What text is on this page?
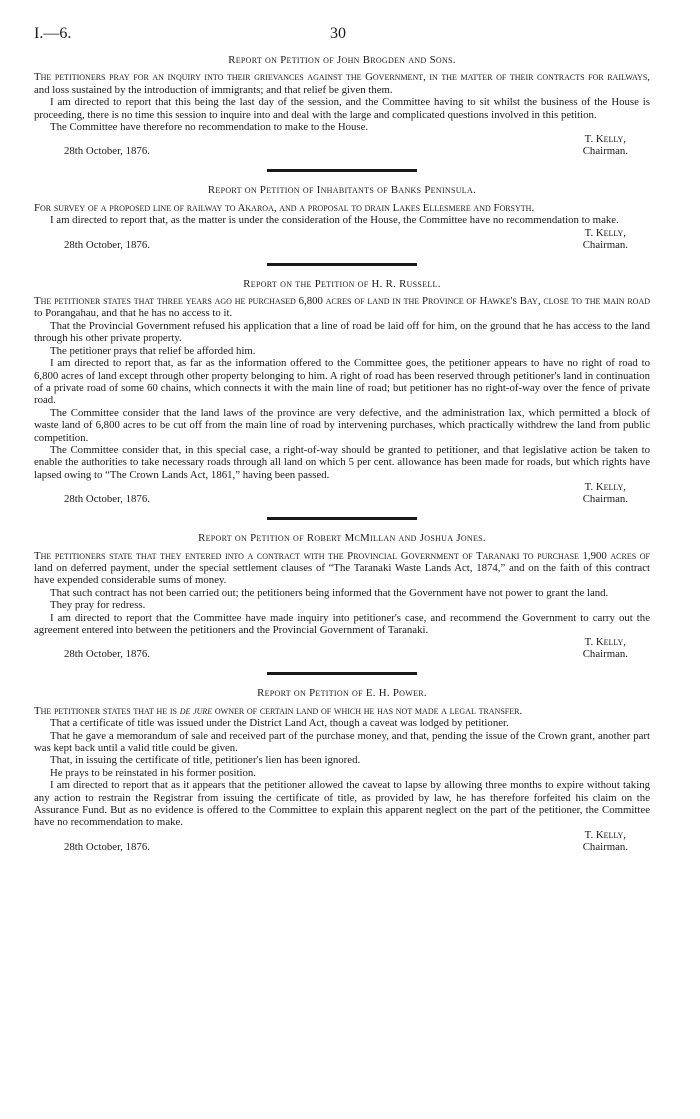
I.—6.	30
Report on Petition of John Brogden and Sons.
The petitioners pray for an inquiry into their grievances against the Government, in the matter of their contracts for railways, and loss sustained by the introduction of immigrants; and that relief be given them.
I am directed to report that this being the last day of the session, and the Committee having to sit whilst the business of the House is proceeding, there is no time this session to inquire into and deal with the large and complicated questions involved in this petition.
The Committee have therefore no recommendation to make to the House.
T. Kelly,
Chairman.
28th October, 1876.
Report on Petition of Inhabitants of Banks Peninsula.
For survey of a proposed line of railway to Akaroa, and a proposal to drain Lakes Ellesmere and Forsyth.
I am directed to report that, as the matter is under the consideration of the House, the Committee have no recommendation to make.
T. Kelly,
Chairman.
28th October, 1876.
Report on the Petition of H. R. Russell.
The petitioner states that three years ago he purchased 6,800 acres of land in the Province of Hawke's Bay, close to the main road to Porangahau, and that he has no access to it.
That the Provincial Government refused his application that a line of road be laid off for him, on the ground that he has access to the land through his other private property.
The petitioner prays that relief be afforded him.
I am directed to report that, as far as the information offered to the Committee goes, the petitioner appears to have no right of road to 6,800 acres of land except through other property belonging to him. A right of road has been reserved through petitioner's land in continuation of a private road of some 60 chains, which connects it with the main line of road; but petitioner has no right-of-way over the fence of private road.
The Committee consider that the land laws of the province are very defective, and the administration lax, which permitted a block of waste land of 6,800 acres to be cut off from the main line of road by intervening purchases, which practically withdrew the land from public competition.
The Committee consider that, in this special case, a right-of-way should be granted to petitioner, and that legislative action be taken to enable the authorities to take necessary roads through all land on which 5 per cent. allowance has been made for roads, but which rights have lapsed owing to “The Crown Lands Act, 1861,” having been passed.
T. Kelly,
Chairman.
28th October, 1876.
Report on Petition of Robert McMillan and Joshua Jones.
The petitioners state that they entered into a contract with the Provincial Government of Taranaki to purchase 1,900 acres of land on deferred payment, under the special settlement clauses of “The Taranaki Waste Lands Act, 1874,” and on the faith of this contract have expended considerable sums of money.
That such contract has not been carried out; the petitioners being informed that the Government have not power to grant the land.
They pray for redress.
I am directed to report that the Committee have made inquiry into petitioner's case, and recommend the Government to carry out the agreement entered into between the petitioners and the Provincial Government of Taranaki.
T. Kelly,
Chairman.
28th October, 1876.
Report on Petition of E. H. Power.
The petitioner states that he is de jure owner of certain land of which he has not made a legal transfer.
That a certificate of title was issued under the District Land Act, though a caveat was lodged by petitioner.
That he gave a memorandum of sale and received part of the purchase money, and that, pending the issue of the Crown grant, another part was kept back until a valid title could be given.
That, in issuing the certificate of title, petitioner's lien has been ignored.
He prays to be reinstated in his former position.
I am directed to report that as it appears that the petitioner allowed the caveat to lapse by allowing three months to expire without taking any action to restrain the Registrar from issuing the certificate of title, as provided by law, he has therefore forfeited his claim on the Assurance Fund. But as no evidence is offered to the Committee to explain this apparent neglect on the part of the petitioner, the Committee have no recommendation to make.
T. Kelly,
Chairman.
28th October, 1876.
